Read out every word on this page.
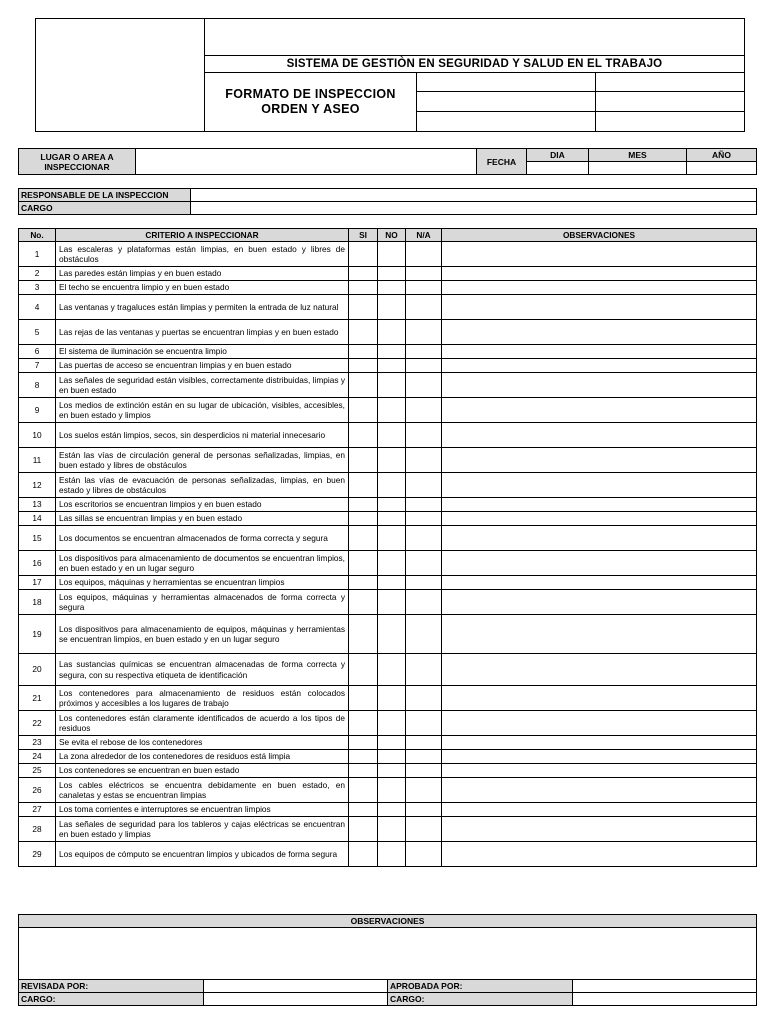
SISTEMA DE GESTIÒN EN SEGURIDAD Y SALUD EN EL TRABAJO
FORMATO DE INSPECCION
ORDEN Y ASEO		

LUGAR O AREA A
INSPECCIONAR		FECHA	DIA	MES	AÑO

RESPONSABLE DE LA INSPECCION	
CARGO	
No.	CRITERIO A INSPECCIONAR	SI	NO	N/A	OBSERVACIONES
1	Las escaleras y plataformas están limpias, en buen estado y libres de obstáculos				
2	Las paredes están limpias y en buen estado				
3	El techo se encuentra limpio y en buen estado				
4	Las ventanas y tragaluces están limpias y permiten la entrada de luz natural				
5	Las rejas de las ventanas y puertas se encuentran limpias y en buen estado				
6	El sistema de iluminación se encuentra limpio				
7	Las puertas de acceso se encuentran limpias y en buen estado				
8	Las señales de seguridad están visibles, correctamente distribuidas, limpias y en buen estado				
9	Los medios de extinción están en su lugar de ubicación, visibles, accesibles, en buen estado y limpios				
10	Los suelos están limpios, secos, sin desperdicios ni material innecesario				
11	Están las vías de circulación general de personas señalizadas, limpias, en buen estado y libres de obstáculos				
12	Están las vías de evacuación de personas señalizadas, limpias, en buen estado y libres de obstáculos				
13	Los escritorios se encuentran limpios y en buen estado				
14	Las sillas se encuentran limpias y en buen estado				
15	Los documentos se encuentran almacenados de forma correcta y segura				
16	Los dispositivos para almacenamiento de documentos se encuentran limpios, en buen estado y en un lugar seguro				
17	Los equipos, máquinas y herramientas se encuentran limpios				
18	Los equipos, máquinas y herramientas almacenados de forma correcta y segura				
19	Los dispositivos para almacenamiento de equipos, máquinas y herramientas se encuentran limpios, en buen estado y en un lugar seguro				
20	Las sustancias químicas se encuentran almacenadas de forma correcta y segura, con su respectiva etiqueta de identificación				
21	Los contenedores para almacenamiento de residuos están colocados próximos y accesibles a los lugares de trabajo				
22	Los contenedores están claramente identificados de acuerdo a los tipos de residuos				
23	Se evita el rebose de los contenedores				
24	La zona alrededor de los contenedores de residuos está limpia				
25	Los contenedores se encuentran en buen estado				
26	Los cables eléctricos se encuentra debidamente en buen estado, en canaletas y estas se encuentran limpias				
27	Los toma corrientes e interruptores se encuentran limpios				
28	Las señales de seguridad para los tableros y cajas eléctricas se encuentran en buen estado y limpias				
29	Los equipos de cómputo se encuentran limpios y ubicados de forma segura				
OBSERVACIONES			

REVISADA POR:		APROBADA POR:	
CARGO:		CARGO:	
